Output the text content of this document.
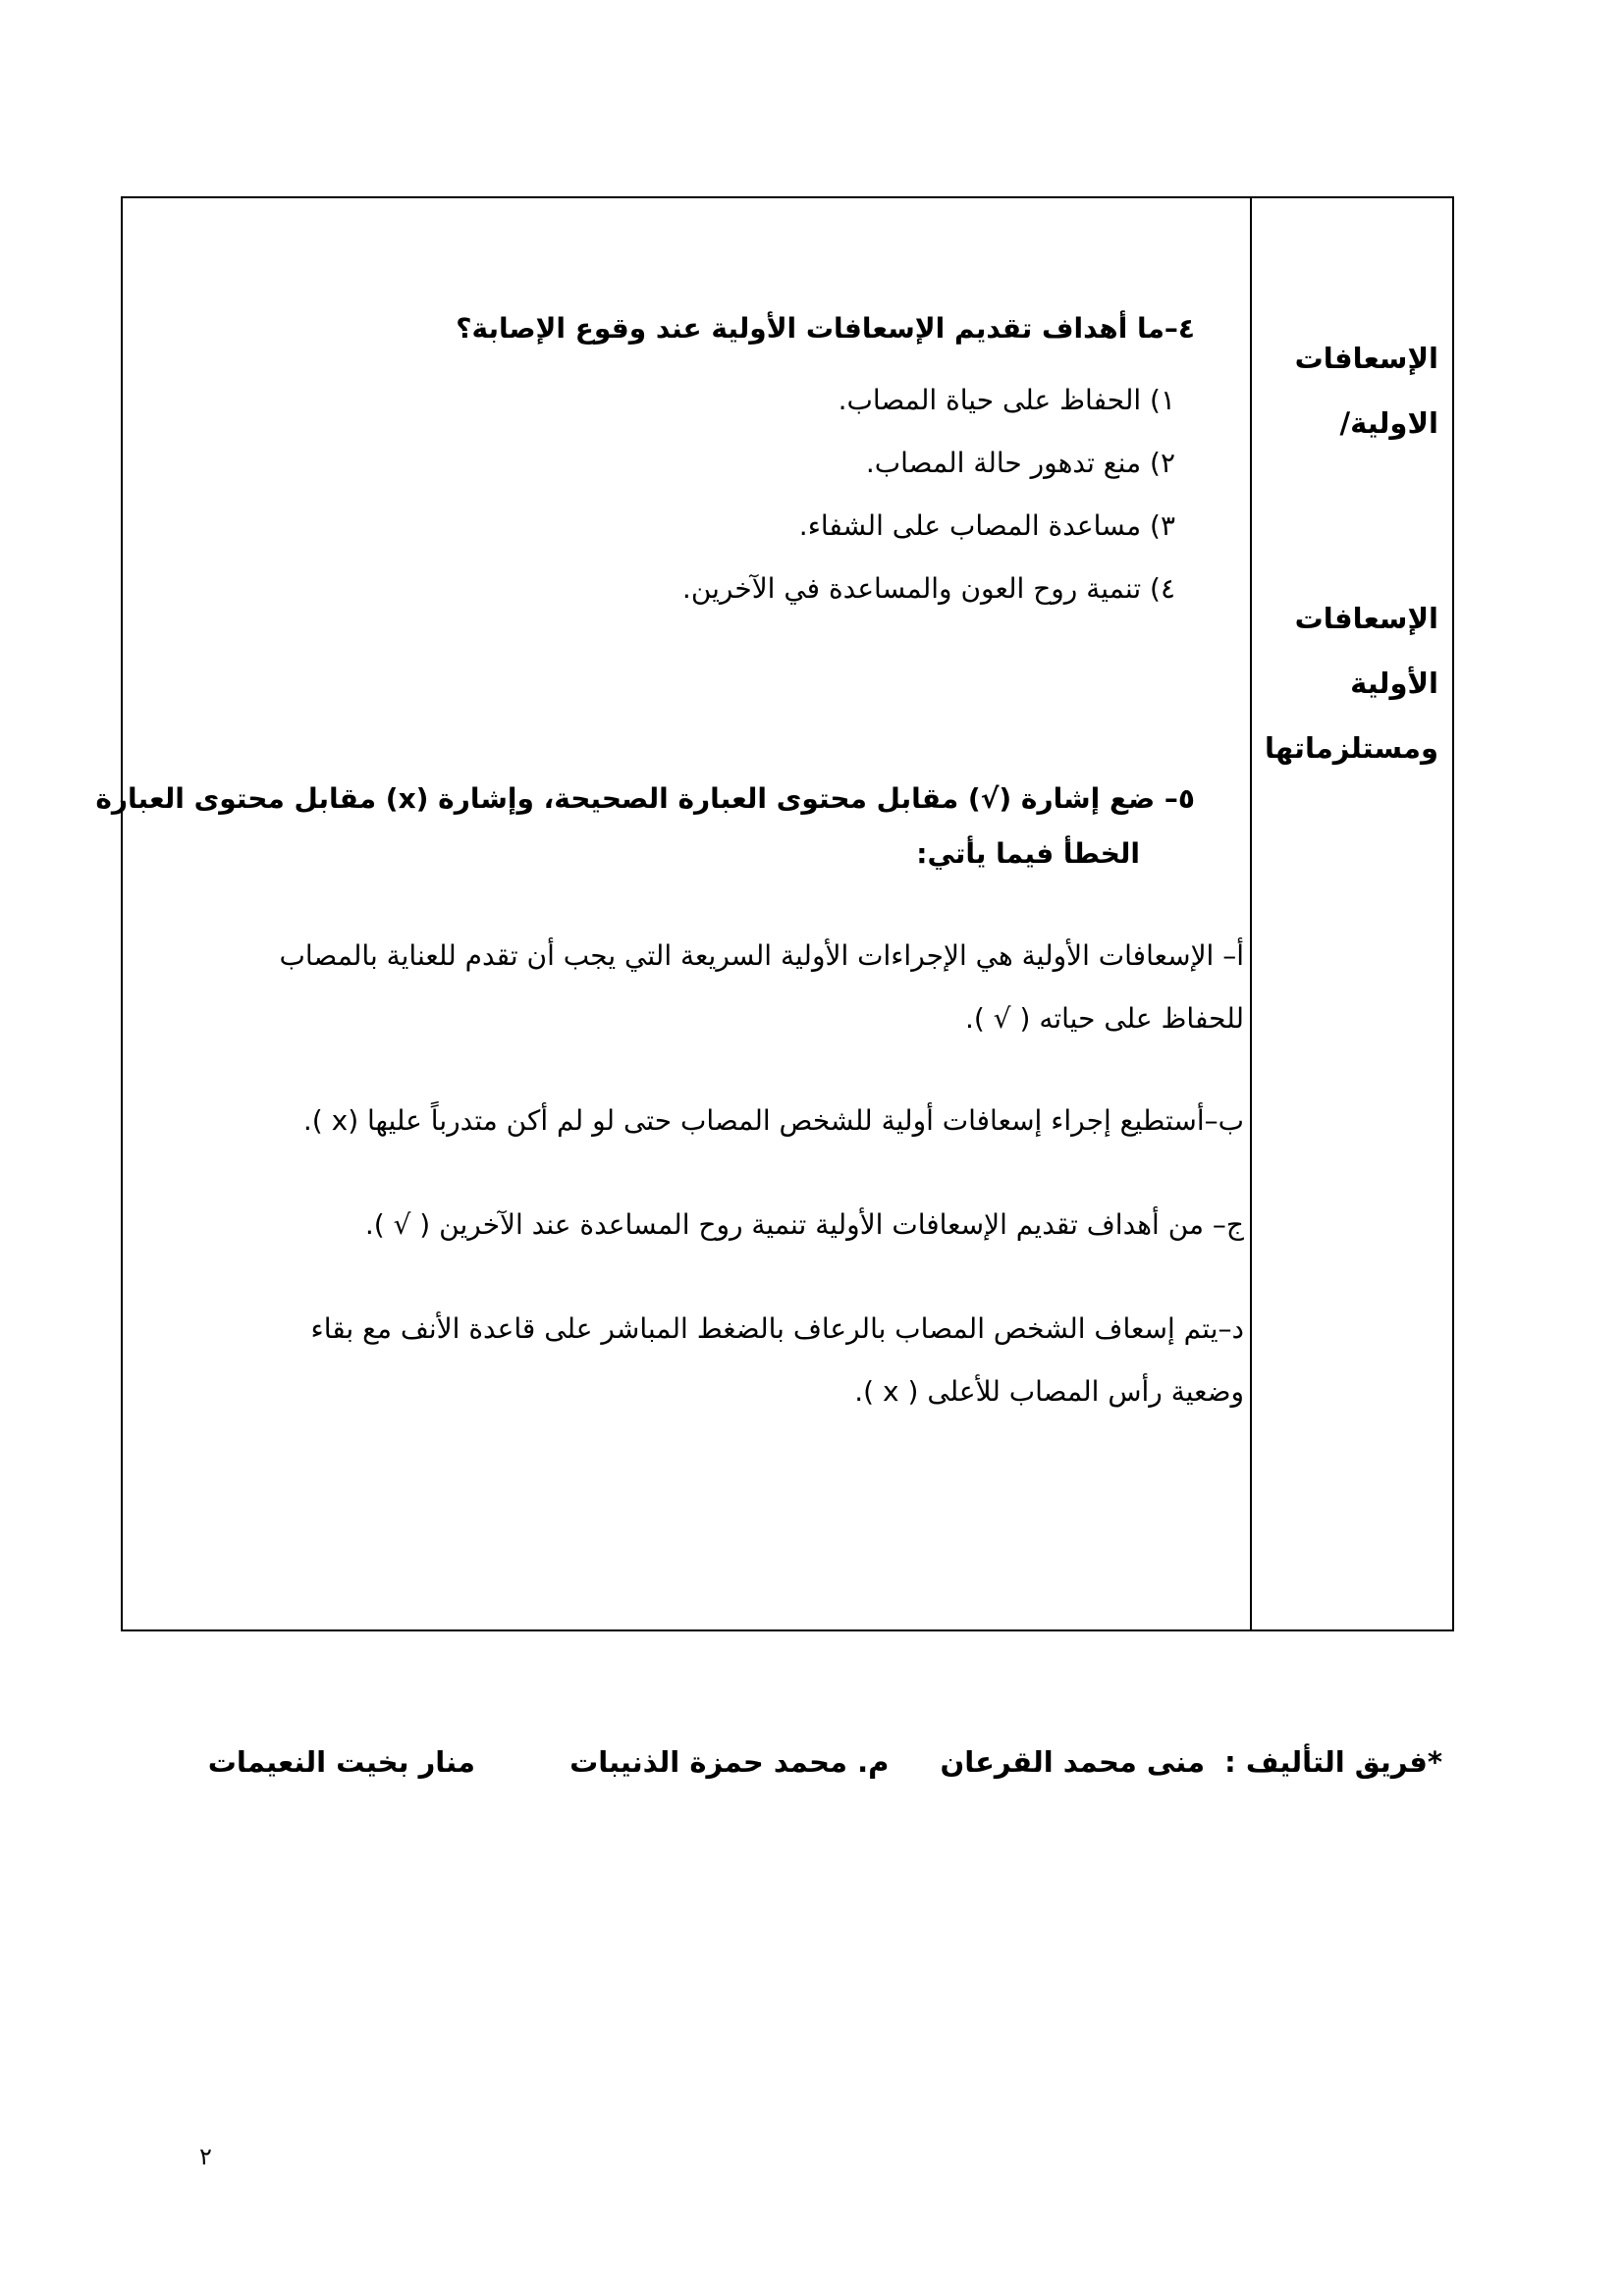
الإسعافات
الاولية/
الإسعافات
الأولية
ومستلزماتها
٤–ما أهداف تقديم الإسعافات الأولية عند وقوع الإصابة؟
١) الحفاظ على حياة المصاب.
٢) منع تدهور حالة المصاب.
٣) مساعدة المصاب على الشفاء.
٤) تنمية روح العون والمساعدة في الآخرين.
٥– ضع إشارة (√) مقابل محتوى العبارة الصحيحة، وإشارة (x) مقابل محتوى العبارة
الخطأ فيما يأتي:
أ– الإسعافات الأولية هي الإجراءات الأولية السريعة التي يجب أن تقدم للعناية بالمصاب
للحفاظ على حياته ( √ ).
ب–أستطيع إجراء إسعافات أولية للشخص المصاب حتى لو لم أكن متدرباً عليها (x ).
ج– من أهداف تقديم الإسعافات الأولية تنمية روح المساعدة عند الآخرين ( √ ).
د–يتم إسعاف الشخص المصاب بالرعاف بالضغط المباشر على قاعدة الأنف مع بقاء
وضعية رأس المصاب للأعلى ( x ).
*فريق التأليف : منى محمد القرعان م. محمد حمزة الذنيبات منار بخيت النعيمات
٢
